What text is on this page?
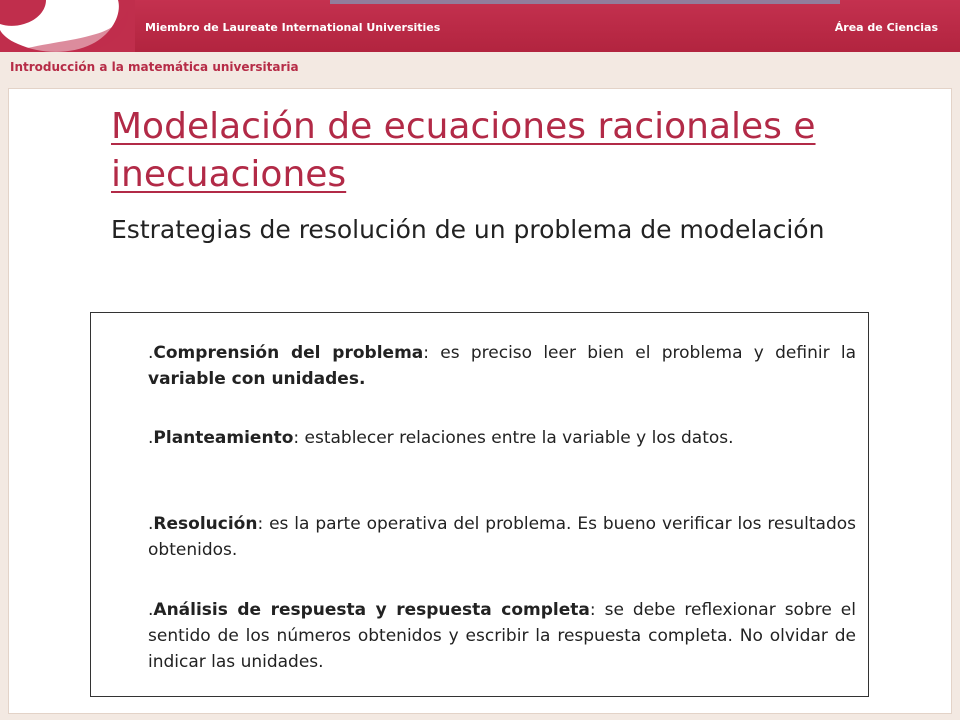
Miembro de Laureate International Universities	Área de Ciencias
Introducción a la matemática universitaria
Modelación de ecuaciones racionales e inecuaciones
Estrategias de resolución de un problema de modelación

.Comprensión del problema: es preciso leer bien el problema y definir la variable con unidades.

.Planteamiento: establecer relaciones entre la variable y los datos.

.Resolución: es la parte operativa del problema. Es bueno verificar los resultados obtenidos.

.Análisis de respuesta y respuesta completa: se debe reflexionar sobre el sentido de los números obtenidos y escribir la respuesta completa. No olvidar de indicar las unidades.
